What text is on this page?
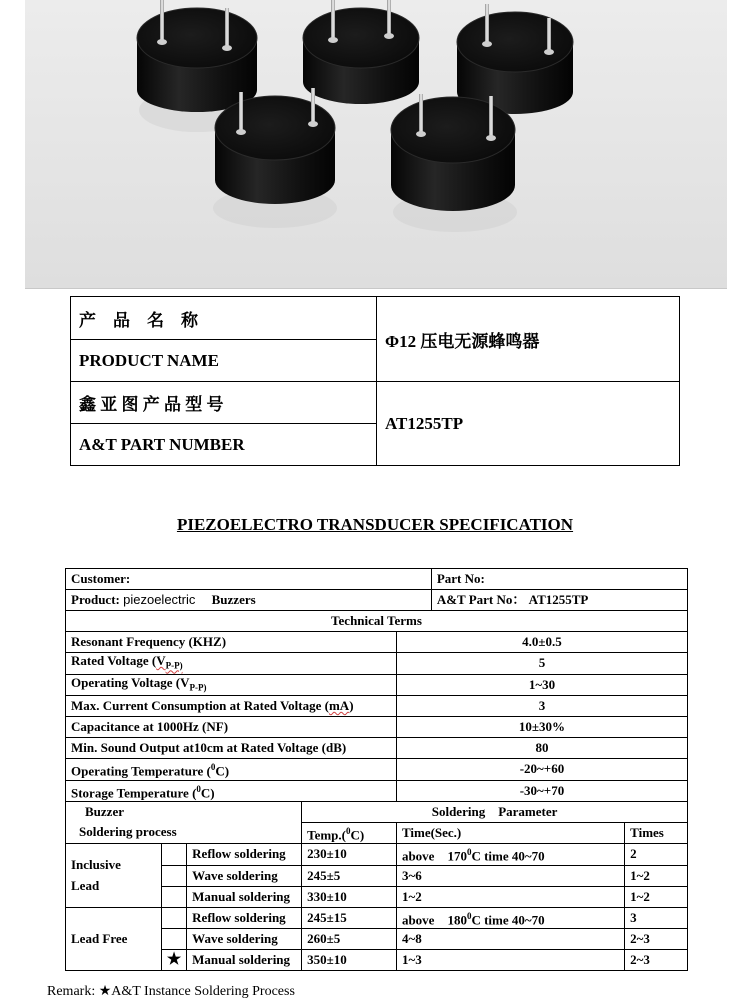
产　品　名　称	Φ12 压电无源蜂鸣器
PRODUCT NAME	
鑫 亚 图 产 品 型 号	AT1255TP
A&T PART NUMBER	
PIEZOELECTRO TRANSDUCER SPECIFICATION
Customer:					Part No:	
Product: piezoelectric Buzzers					A&T Part No： AT1255TP	
Technical Terms						
Resonant Frequency (KHZ)				4.0±0.5		
Rated Voltage ($V_{P-P)}$				5		
Operating Voltage ($V_{P-P)}$				1~30		
Max. Current Consumption at Rated Voltage (mA)				3		
Capacitance at 1000Hz (NF)				10±30%		
Min. Sound Output at10cm at Rated Voltage (dB)				80		
Operating Temperature ($^0$C)				-20~+60		
Storage Temperature ($^0$C)				-30~+70		

Buzzer
Soldering process			Soldering　Parameter			
			Temp.($^0$C)	Time(Sec.)		Times

Inclusive
Lead		Reflow soldering	230±10	above　$170^0C$ time 40~70		2
		Wave soldering	245±5	3~6		1~2
		Manual soldering	330±10	1~2		1~2
Lead Free		Reflow soldering	245±15	above　$180^0C$ time 40~70		3
		Wave soldering	260±5	4~8		2~3
	★	Manual soldering	350±10	1~3		2~3
Remark: ★A&T Instance Soldering Process
